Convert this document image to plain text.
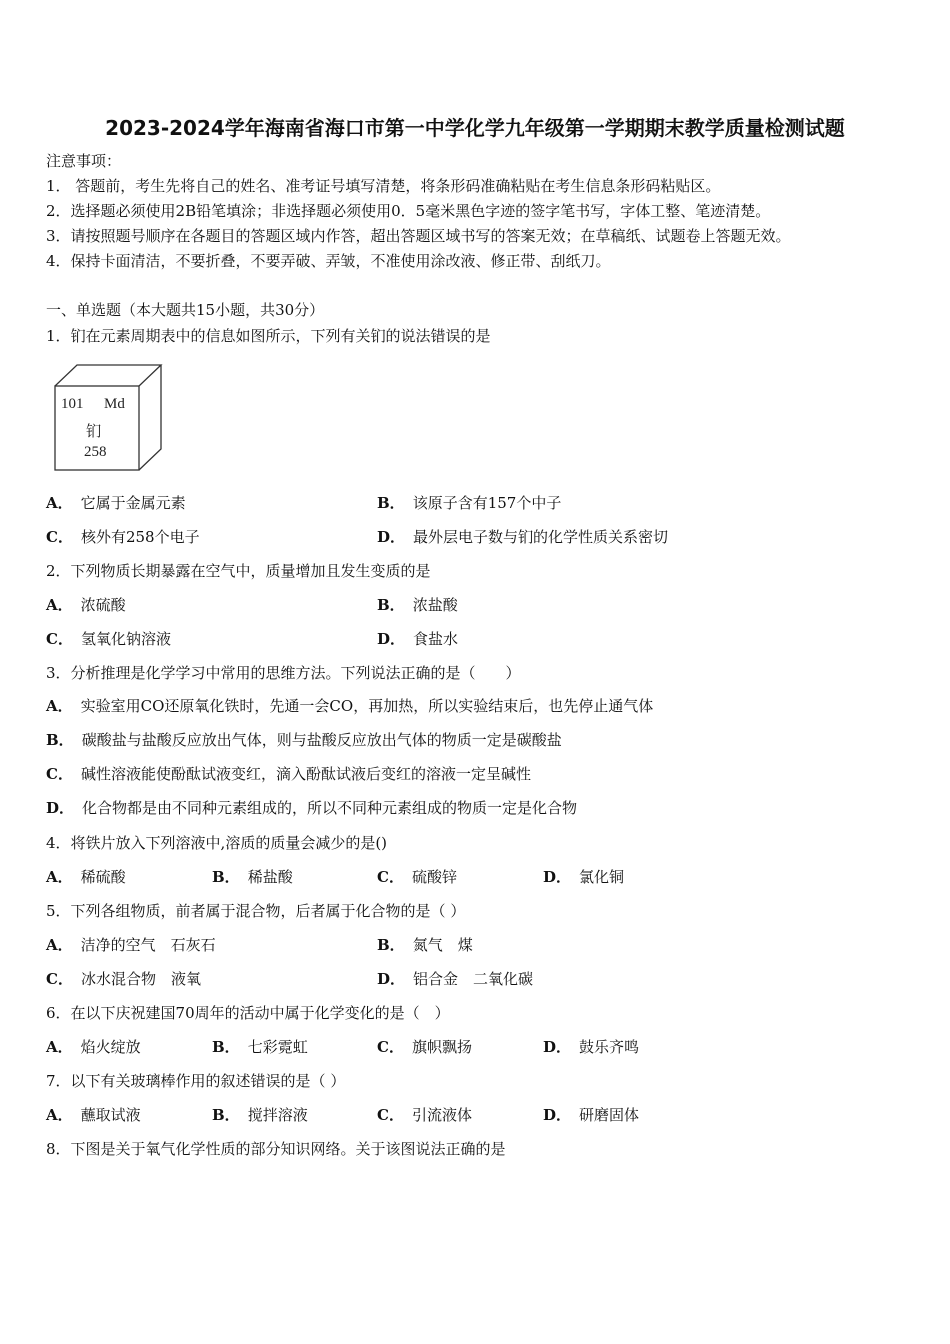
2023-2024学年海南省海口市第一中学化学九年级第一学期期末教学质量检测试题
注意事项：
1． 答题前，考生先将自己的姓名、准考证号填写清楚，将条形码准确粘贴在考生信息条形码粘贴区。
2．选择题必须使用2B铅笔填涂；非选择题必须使用0．5毫米黑色字迹的签字笔书写，字体工整、笔迹清楚。
3．请按照题号顺序在各题目的答题区域内作答，超出答题区域书写的答案无效；在草稿纸、试题卷上答题无效。
4．保持卡面清洁，不要折叠，不要弄破、弄皱，不准使用涂改液、修正带、刮纸刀。
一、单选题（本大题共15小题，共30分）
1．钔在元素周期表中的信息如图所示，下列有关钔的说法错误的是
101 Md
钔
258
A． 它属于金属元素	B． 该原子含有157个中子
C． 核外有258个电子	D． 最外层电子数与钔的化学性质关系密切
2．下列物质长期暴露在空气中，质量增加且发生变质的是
A． 浓硫酸	B． 浓盐酸
C． 氢氧化钠溶液	D． 食盐水
3．分析推理是化学学习中常用的思维方法。下列说法正确的是（　　）
A． 实验室用CO还原氧化铁时，先通一会CO，再加热，所以实验结束后，也先停止通气体
B． 碳酸盐与盐酸反应放出气体，则与盐酸反应放出气体的物质一定是碳酸盐
C． 碱性溶液能使酚酞试液变红，滴入酚酞试液后变红的溶液一定呈碱性
D． 化合物都是由不同种元素组成的，所以不同种元素组成的物质一定是化合物
4．将铁片放入下列溶液中,溶质的质量会减少的是()
A． 稀硫酸	B． 稀盐酸	C． 硫酸锌	D． 氯化铜
5．下列各组物质，前者属于混合物，后者属于化合物的是（ ）
A． 洁净的空气　石灰石	B． 氮气　煤
C． 冰水混合物　液氧	D． 铝合金　二氧化碳
6．在以下庆祝建国70周年的活动中属于化学变化的是（　）
A． 焰火绽放	B． 七彩霓虹	C． 旗帜飘扬	D． 鼓乐齐鸣
7．以下有关玻璃棒作用的叙述错误的是（ ）
A． 蘸取试液	B． 搅拌溶液	C． 引流液体	D． 研磨固体
8．下图是关于氧气化学性质的部分知识网络。关于该图说法正确的是
